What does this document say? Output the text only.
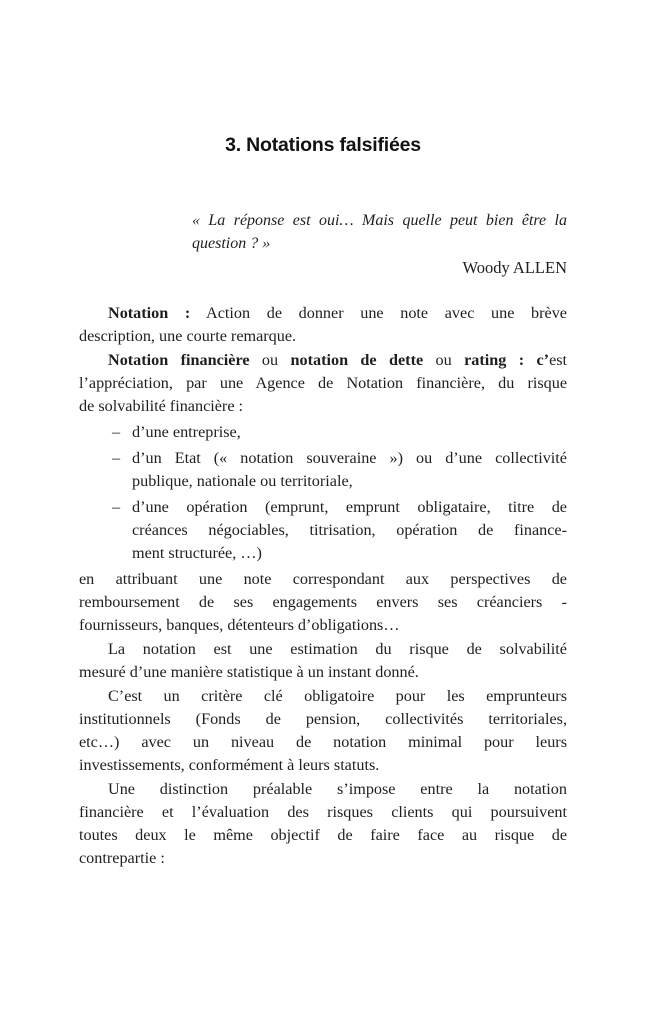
3. Notations falsifiées
« La réponse est oui… Mais quelle peut bien être la
question ? »
Woody ALLEN
Notation : Action de donner une note avec une brève
description, une courte remarque.
Notation financière ou notation de dette ou rating : c’est
l’appréciation, par une Agence de Notation financière, du risque
de solvabilité financière :
– d’une entreprise,
– d’un Etat (« notation souveraine ») ou d’une collectivité
publique, nationale ou territoriale,
– d’une opération (emprunt, emprunt obligataire, titre de
créances négociables, titrisation, opération de finance-
ment structurée, …)
en attribuant une note correspondant aux perspectives de
remboursement de ses engagements envers ses créanciers -
fournisseurs, banques, détenteurs d’obligations…
La notation est une estimation du risque de solvabilité
mesuré d’une manière statistique à un instant donné.
C’est un critère clé obligatoire pour les emprunteurs
institutionnels (Fonds de pension, collectivités territoriales,
etc…) avec un niveau de notation minimal pour leurs
investissements, conformément à leurs statuts.
Une distinction préalable s’impose entre la notation
financière et l’évaluation des risques clients qui poursuivent
toutes deux le même objectif de faire face au risque de
contrepartie :
